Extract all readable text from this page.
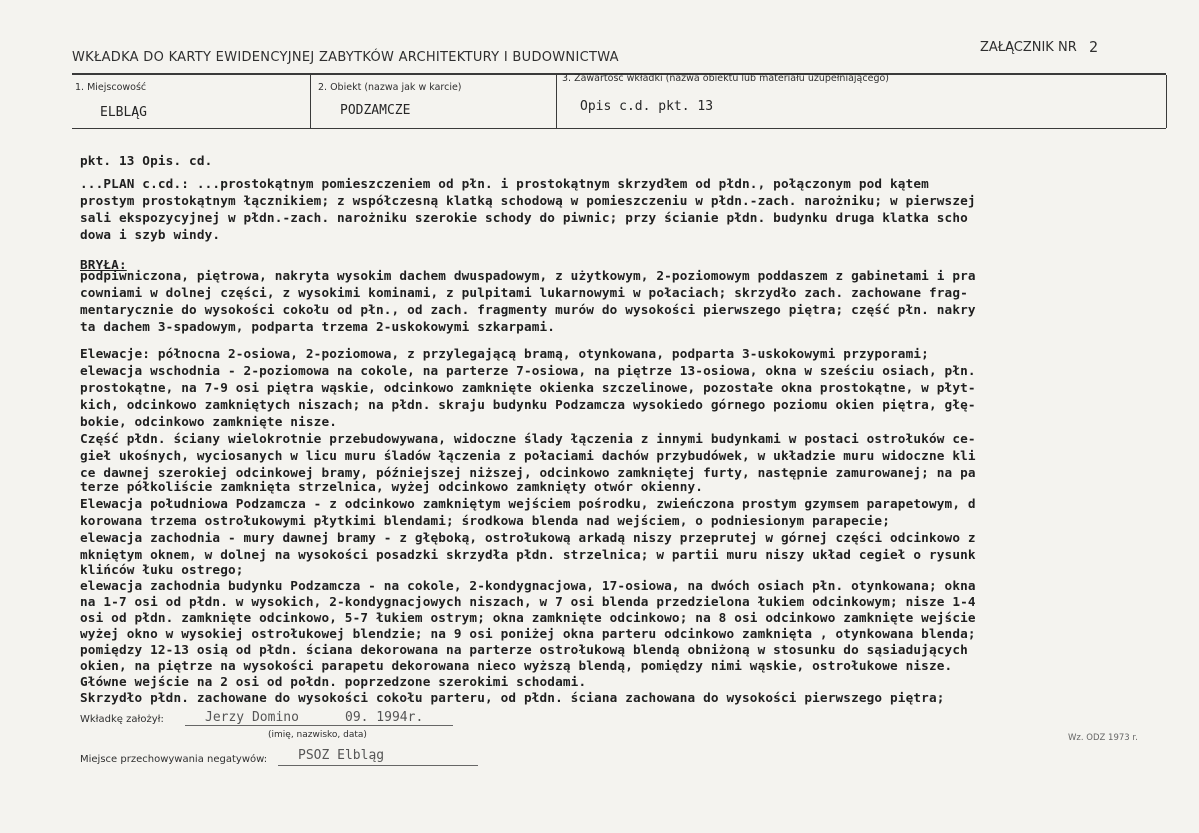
WKŁADKA DO KARTY EWIDENCYJNEJ ZABYTKÓW ARCHITEKTURY I BUDOWNICTWA
ZAŁĄCZNIK NR 2
1. Miejscowość
ELBLĄG
2. Obiekt (nazwa jak w karcie)
PODZAMCZE
3. Zawartość wkładki (nazwa obiektu lub materiału uzupełniającego)
Opis c.d. pkt. 13
pkt. 13 Opis. cd.
...PLAN c.cd.: ...prostokątnym pomieszczeniem od płn. i prostokątnym skrzydłem od płdn., połączonym pod kątem
prostym prostokątnym łącznikiem; z współczesną klatką schodową w pomieszczeniu w płdn.-zach. narożniku; w pierwszej
sali ekspozycyjnej w płdn.-zach. narożniku szerokie schody do piwnic; przy ścianie płdn. budynku druga klatka scho
dowa i szyb windy.
BRYŁA:
podpiwniczona, piętrowa, nakryta wysokim dachem dwuspadowym, z użytkowym, 2-poziomowym poddaszem z gabinetami i pra
cowniami w dolnej części, z wysokimi kominami, z pulpitami lukarnowymi w połaciach; skrzydło zach. zachowane frag-
mentarycznie do wysokości cokołu od płn., od zach. fragmenty murów do wysokości pierwszego piętra; część płn. nakry
ta dachem 3-spadowym, podparta trzema 2-uskokowymi szkarpami.
Elewacje: północna 2-osiowa, 2-poziomowa, z przylegającą bramą, otynkowana, podparta 3-uskokowymi przyporami;
elewacja wschodnia - 2-poziomowa na cokole, na parterze 7-osiowa, na piętrze 13-osiowa, okna w sześciu osiach, płn.
prostokątne, na 7-9 osi piętra wąskie, odcinkowo zamknięte okienka szczelinowe, pozostałe okna prostokątne, w płyt-
kich, odcinkowo zamkniętych niszach; na płdn. skraju budynku Podzamcza wysokiedo górnego poziomu okien piętra, głę-
bokie, odcinkowo zamknięte nisze.
Część płdn. ściany wielokrotnie przebudowywana, widoczne ślady łączenia z innymi budynkami w postaci ostrołuków ce-
gieł ukośnych, wyciosanych w licu muru śladów łączenia z połaciami dachów przybudówek, w układzie muru widoczne kli
ce dawnej szerokiej odcinkowej bramy, późniejszej niższej, odcinkowo zamkniętej furty, następnie zamurowanej; na pa
terze półkoliście zamknięta strzelnica, wyżej odcinkowo zamknięty otwór okienny.
Elewacja południowa Podzamcza - z odcinkowo zamkniętym wejściem pośrodku, zwieńczona prostym gzymsem parapetowym, d
korowana trzema ostrołukowymi płytkimi blendami; środkowa blenda nad wejściem, o podniesionym parapecie;
elewacja zachodnia - mury dawnej bramy - z głęboką, ostrołukową arkadą niszy przeprutej w górnej części odcinkowo z
mkniętym oknem, w dolnej na wysokości posadzki skrzydła płdn. strzelnica; w partii muru niszy układ cegieł o rysunk
klińców łuku ostrego;
elewacja zachodnia budynku Podzamcza - na cokole, 2-kondygnacjowa, 17-osiowa, na dwóch osiach płn. otynkowana; okna
na 1-7 osi od płdn. w wysokich, 2-kondygnacjowych niszach, w 7 osi blenda przedzielona łukiem odcinkowym; nisze 1-4
osi od płdn. zamknięte odcinkowo, 5-7 łukiem ostrym; okna zamknięte odcinkowo; na 8 osi odcinkowo zamknięte wejście
wyżej okno w wysokiej ostrołukowej blendzie; na 9 osi poniżej okna parteru odcinkowo zamknięta , otynkowana blenda;
pomiędzy 12-13 osią od płdn. ściana dekorowana na parterze ostrołukową blendą obniżoną w stosunku do sąsiadujących
okien, na piętrze na wysokości parapetu dekorowana nieco wyższą blendą, pomiędzy nimi wąskie, ostrołukowe nisze.
Główne wejście na 2 osi od połdn. poprzedzone szerokimi schodami.
Skrzydło płdn. zachowane do wysokości cokołu parteru, od płdn. ściana zachowana do wysokości pierwszego piętra;
Wkładkę założył:	Jerzy Domino	09. 1994r.
(imię, nazwisko, data)
Miejsce przechowywania negatywów: PSOZ Elbląg
Wz. ODZ 1973 r.
